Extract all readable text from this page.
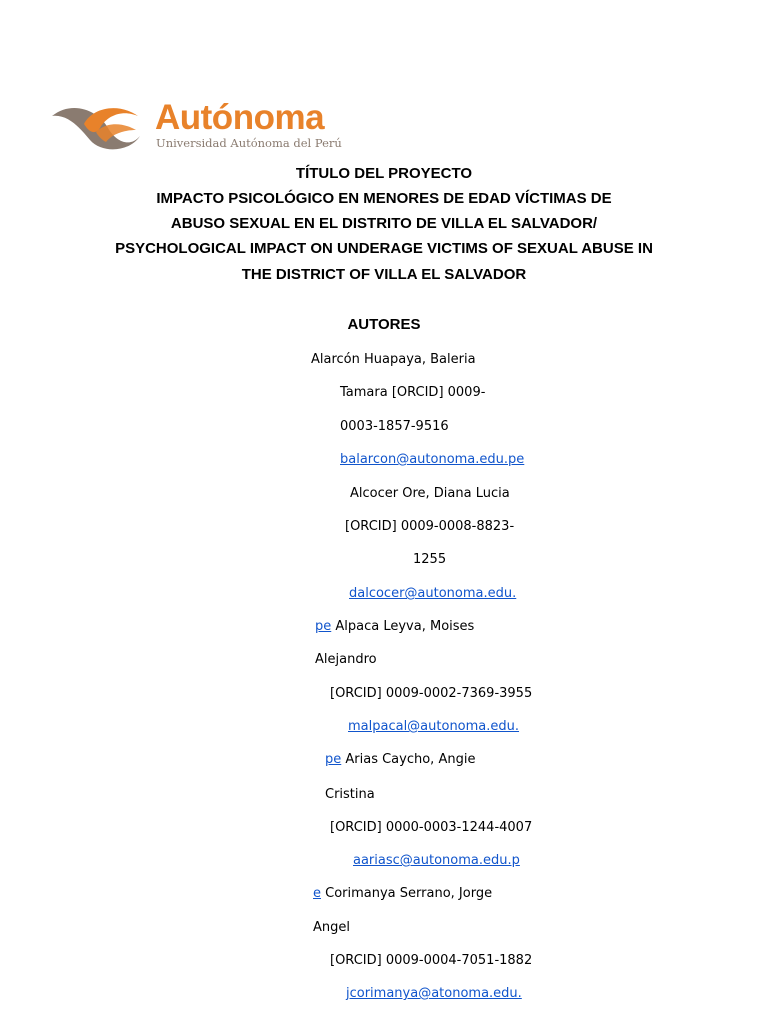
Autónoma
Universidad Autónoma del Perú
TÍTULO DEL PROYECTO
IMPACTO PSICOLÓGICO EN MENORES DE EDAD VÍCTIMAS DE
ABUSO SEXUAL EN EL DISTRITO DE VILLA EL SALVADOR/
PSYCHOLOGICAL IMPACT ON UNDERAGE VICTIMS OF SEXUAL ABUSE IN
THE DISTRICT OF VILLA EL SALVADOR
AUTORES
Alarcón Huapaya, Baleria
Tamara [ORCID] 0009-
0003-1857-9516
balarcon@autonoma.edu.pe
Alcocer Ore, Diana Lucia
[ORCID] 0009-0008-8823-
1255
dalcocer@autonoma.edu.
pe Alpaca Leyva, Moises
Alejandro
[ORCID] 0009-0002-7369-3955
malpacal@autonoma.edu.
pe Arias Caycho, Angie
Cristina
[ORCID] 0000-0003-1244-4007
aariasc@autonoma.edu.p
e Corimanya Serrano, Jorge
Angel
[ORCID] 0009-0004-7051-1882
jcorimanya@atonoma.edu.
